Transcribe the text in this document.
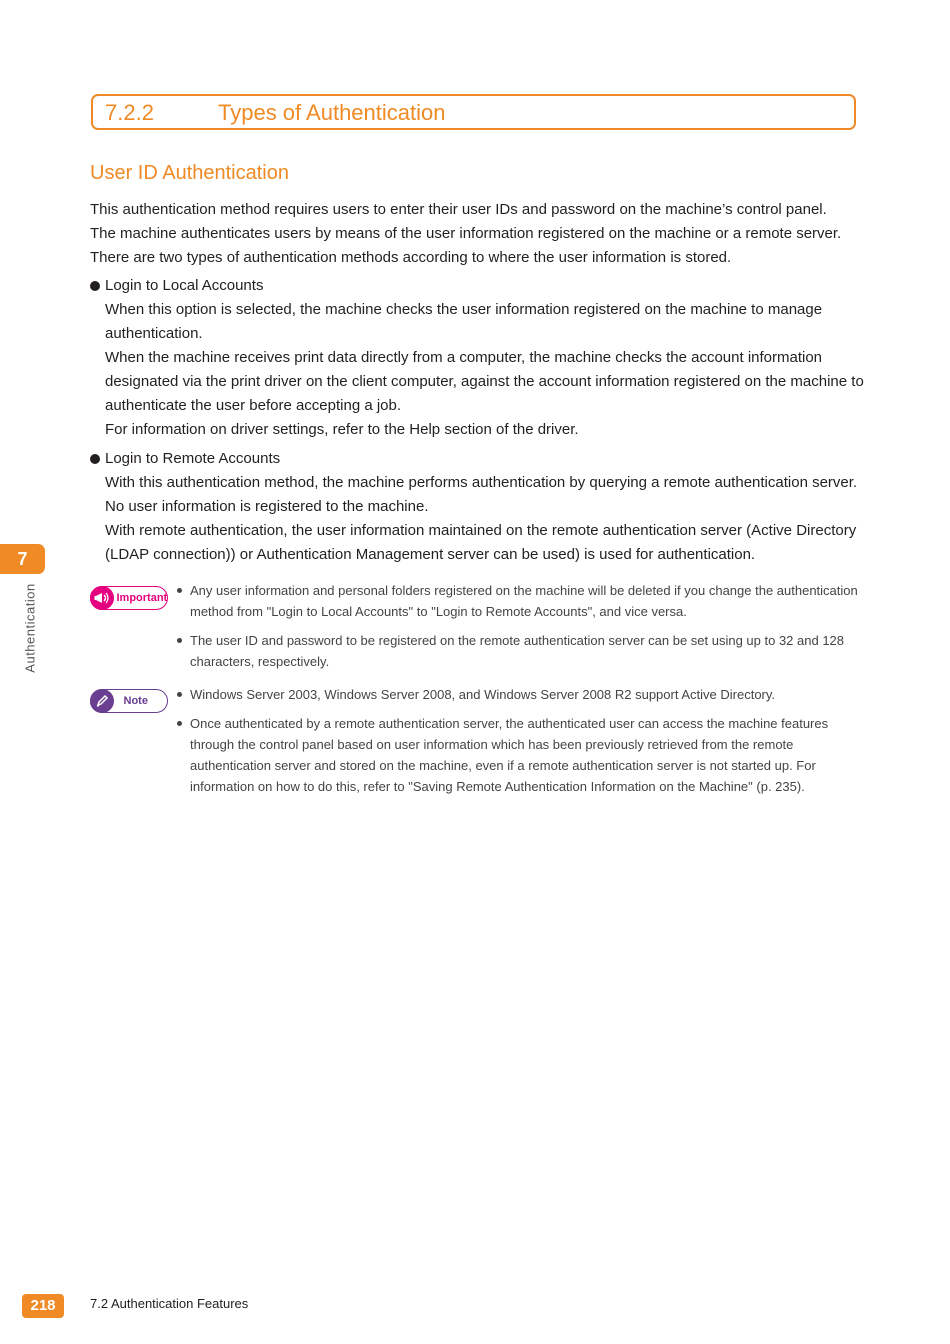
7.2.2	Types of Authentication
User ID Authentication
This authentication method requires users to enter their user IDs and password on the machine’s control panel.
The machine authenticates users by means of the user information registered on the machine or a remote server.
There are two types of authentication methods according to where the user information is stored.
Login to Local Accounts
When this option is selected, the machine checks the user information registered on the machine to manage authentication.
When the machine receives print data directly from a computer, the machine checks the account information designated via the print driver on the client computer, against the account information registered on the machine to authenticate the user before accepting a job.
For information on driver settings, refer to the Help section of the driver.
Login to Remote Accounts
With this authentication method, the machine performs authentication by querying a remote authentication server. No user information is registered to the machine.
With remote authentication, the user information maintained on the remote authentication server (Active Directory (LDAP connection)) or Authentication Management server can be used) is used for authentication.
7
Authentication	Important	Any user information and personal folders registered on the machine will be deleted if you change the authentication method from "Login to Local Accounts" to "Login to Remote Accounts", and vice versa.
The user ID and password to be registered on the remote authentication server can be set using up to 32 and 128 characters, respectively.
Note	Windows Server 2003, Windows Server 2008, and Windows Server 2008 R2 support Active Directory.
Once authenticated by a remote authentication server, the authenticated user can access the machine features through the control panel based on user information which has been previously retrieved from the remote authentication server and stored on the machine, even if a remote authentication server is not started up. For information on how to do this, refer to "Saving Remote Authentication Information on the Machine" (p. 235).
218	7.2 Authentication Features
